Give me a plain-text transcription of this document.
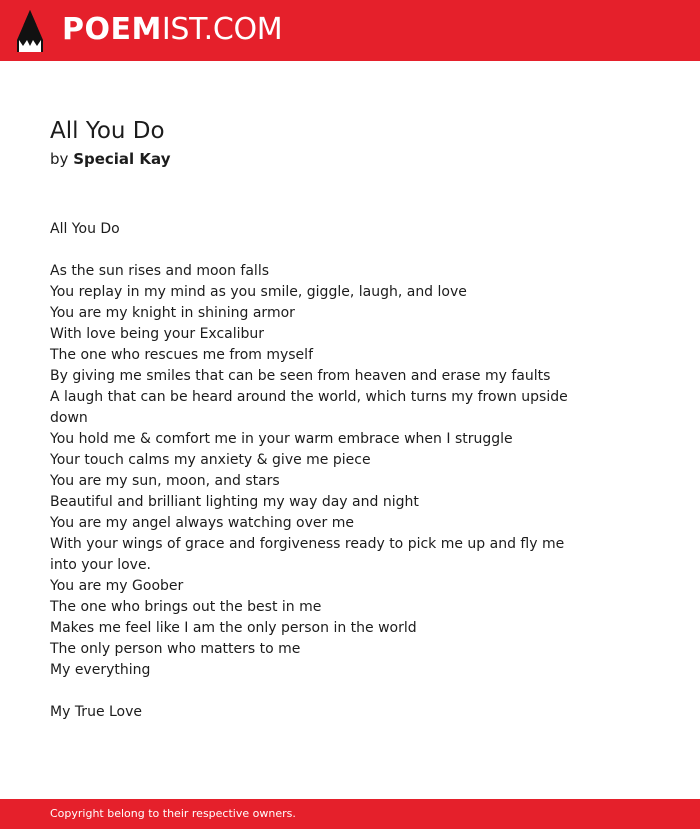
POEMIST.COM
All You Do
by Special Kay
All You Do
As the sun rises and moon falls
You replay in my mind as you smile, giggle, laugh, and love
You are my knight in shining armor
With love being your Excalibur
The one who rescues me from myself
By giving me smiles that can be seen from heaven and erase my faults
A laugh that can be heard around the world, which turns my frown upside down
You hold me & comfort me in your warm embrace when I struggle
Your touch calms my anxiety & give me piece
You are my sun, moon, and stars
Beautiful and brilliant lighting my way day and night
You are my angel always watching over me
With your wings of grace and forgiveness ready to pick me up and fly me into your love.
You are my Goober
The one who brings out the best in me
Makes me feel like I am the only person in the world
The only person who matters to me
My everything
My True Love
Copyright belong to their respective owners.
